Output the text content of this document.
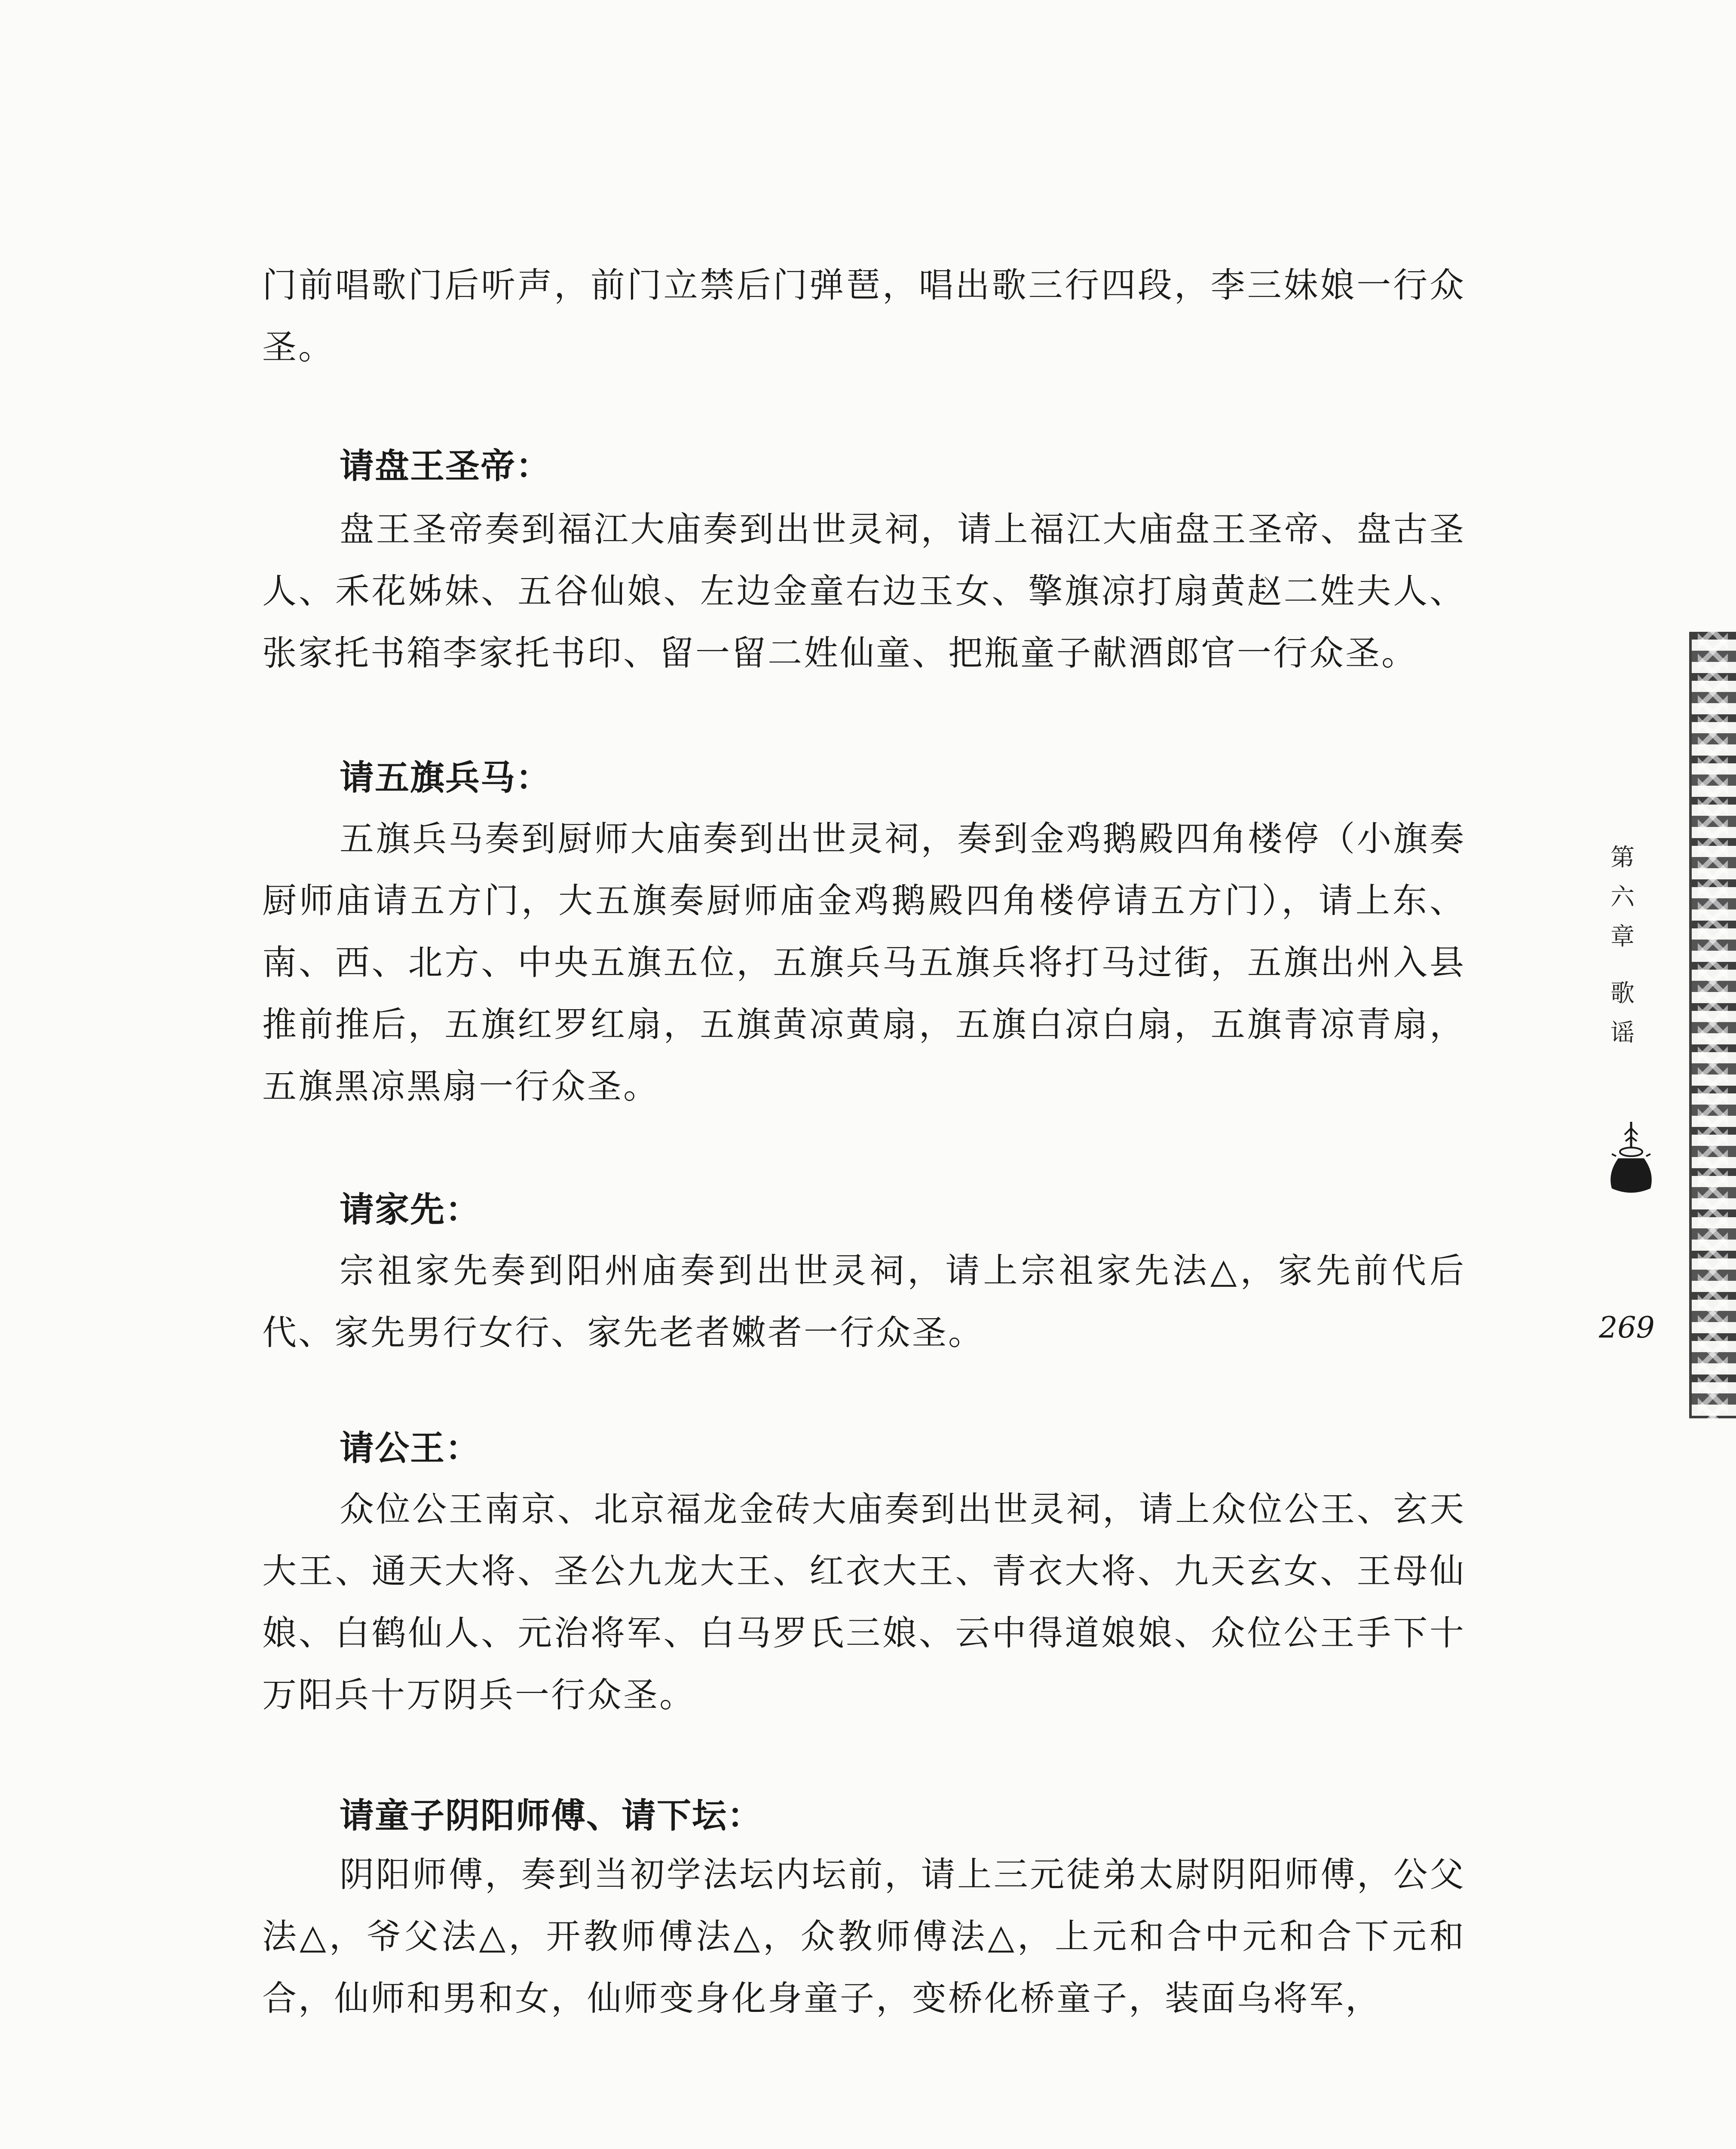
门前唱歌门后听声，前门立禁后门弹琶，唱出歌三行四段，李三妹娘一行众圣。

请盘王圣帝：

盘王圣帝奏到福江大庙奏到出世灵祠，请上福江大庙盘王圣帝、盘古圣人、禾花姊妹、五谷仙娘、左边金童右边玉女、擎旗凉打扇黄赵二姓夫人、张家托书箱李家托书印、留一留二姓仙童、把瓶童子献酒郎官一行众圣。

请五旗兵马：

五旗兵马奏到厨师大庙奏到出世灵祠，奏到金鸡鹅殿四角楼停（小旗奏厨师庙请五方门，大五旗奏厨师庙金鸡鹅殿四角楼停请五方门），请上东、南、西、北方、中央五旗五位，五旗兵马五旗兵将打马过街，五旗出州入县推前推后，五旗红罗红扇，五旗黄凉黄扇，五旗白凉白扇，五旗青凉青扇，五旗黑凉黑扇一行众圣。

请家先：

宗祖家先奏到阳州庙奏到出世灵祠，请上宗祖家先法△，家先前代后代、家先男行女行、家先老者嫩者一行众圣。

请公王：

众位公王南京、北京福龙金砖大庙奏到出世灵祠，请上众位公王、玄天大王、通天大将、圣公九龙大王、红衣大王、青衣大将、九天玄女、王母仙娘、白鹤仙人、元治将军、白马罗氏三娘、云中得道娘娘、众位公王手下十万阳兵十万阴兵一行众圣。

请童子阴阳师傅、请下坛：

阴阳师傅，奏到当初学法坛内坛前，请上三元徒弟太尉阴阳师傅，公父法△，爷父法△，开教师傅法△，众教师傅法△，上元和合中元和合下元和合，仙师和男和女，仙师变身化身童子，变桥化桥童子，装面乌将军，

第
六
章
歌
谣
269
